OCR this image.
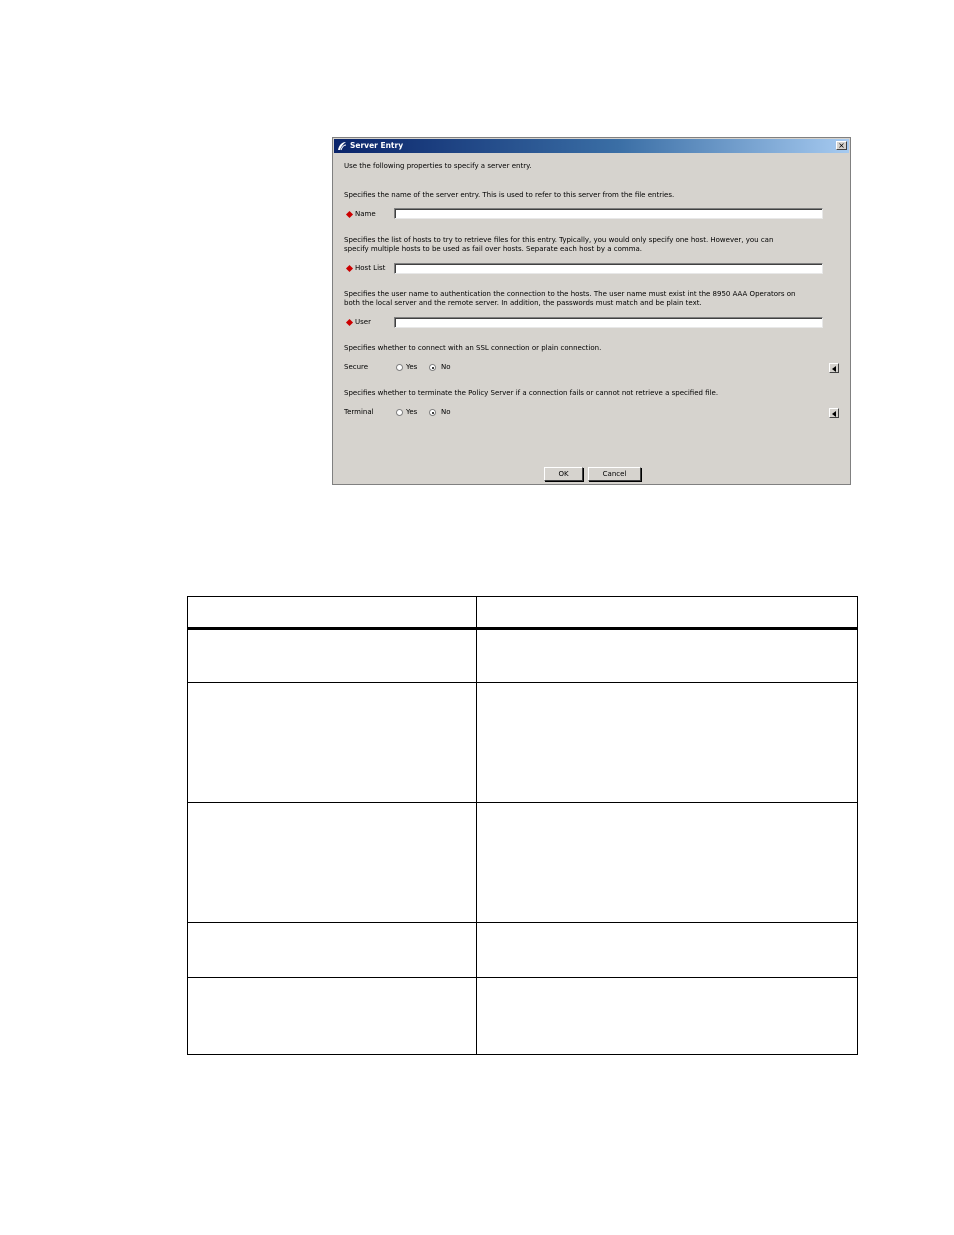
Server Entry	×
Use the following properties to specify a server entry.
Specifies the name of the server entry. This is used to refer to this server from the file entries.
Name
Specifies the list of hosts to try to retrieve files for this entry. Typically, you would only specify one host. However, you can
specify multiple hosts to be used as fail over hosts. Separate each host by a comma.
Host List
Specifies the user name to authentication the connection to the hosts. The user name must exist int the 8950 AAA Operators on
both the local server and the remote server. In addition, the passwords must match and be plain text.
User
Specifies whether to connect with an SSL connection or plain connection.
Secure	Yes	No
Specifies whether to terminate the Policy Server if a connection fails or cannot not retrieve a specified file.
Terminal	Yes	No
OK	Cancel
